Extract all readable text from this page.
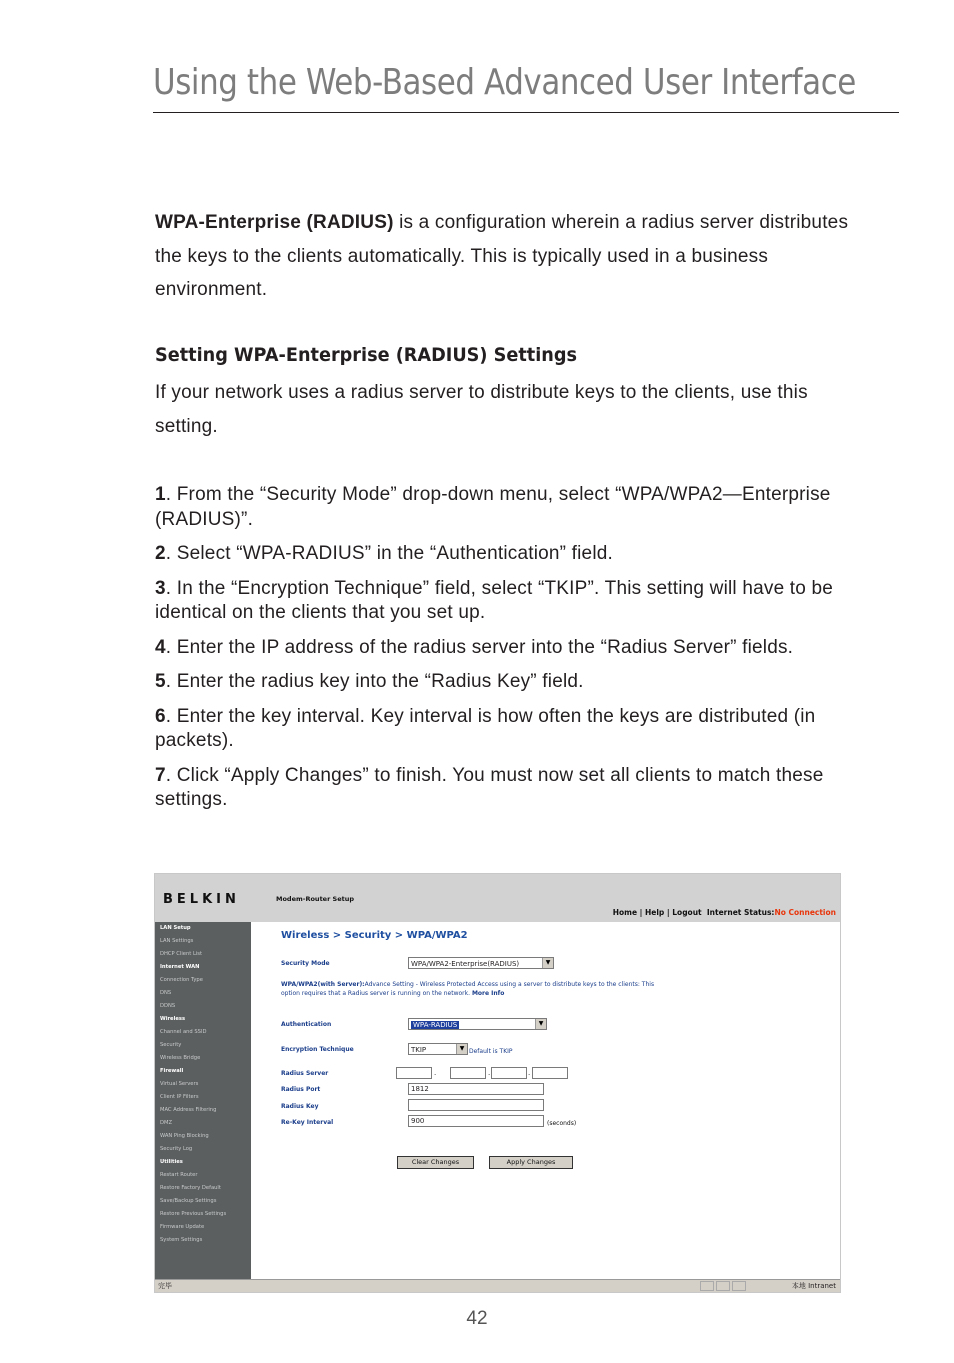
Using the Web-Based Advanced User Interface
WPA-Enterprise (RADIUS) is a configuration wherein a radius server distributes the keys to the clients automatically. This is typically used in a business environment.
Setting WPA-Enterprise (RADIUS) Settings
If your network uses a radius server to distribute keys to the clients, use this setting.
1. From the “Security Mode” drop-down menu, select “WPA/WPA2—Enterprise (RADIUS)”.
2. Select “WPA-RADIUS” in the “Authentication” field.
3. In the “Encryption Technique” field, select “TKIP”. This setting will have to be identical on the clients that you set up.
4. Enter the IP address of the radius server into the “Radius Server” fields.
5. Enter the radius key into the “Radius Key” field.
6. Enter the key interval. Key interval is how often the keys are distributed (in packets).
7. Click “Apply Changes” to finish. You must now set all clients to match these settings.
BELKIN	Modem-Router Setup
Home | Help | Logout Internet Status:No Connection
LAN Setup
LAN Settings
DHCP Client List
Internet WAN
Connection Type
DNS
DDNS
Wireless
Channel and SSID
Security
Wireless Bridge
Firewall
Virtual Servers
Client IP Filters
MAC Address Filtering
DMZ
WAN Ping Blocking
Security Log
Utilities
Restart Router
Restore Factory Default
Save/Backup Settings
Restore Previous Settings
Firmware Update
System Settings
Wireless > Security > WPA/WPA2
Security Mode	WPA/WPA2-Enterprise(RADIUS)	▼
WPA/WPA2(with Server):Advance Setting - Wireless Protected Access using a server to distribute keys to the clients: This option requires that a Radius server is running on the network. More Info
Authentication	WPA-RADIUS	▼
Encryption Technique	TKIP	▼ Default is TKIP
Radius Server	.	.	.
Radius Port	1812
Radius Key
Re-Key Interval	900	(seconds)
Clear Changes	Apply Changes
完毕	本地 Intranet
42
